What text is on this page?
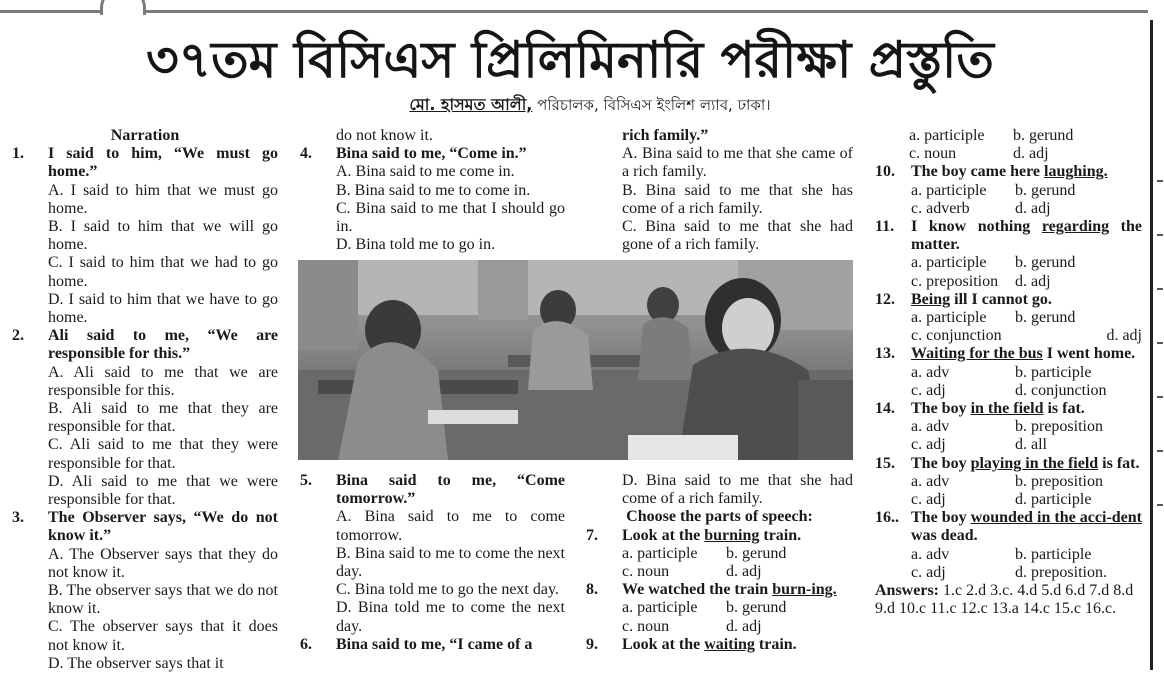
৩৭তম বিসিএস প্রিলিমিনারি পরীক্ষা প্রস্তুতি
মো. হাসমত আলী, পরিচালক, বিসিএস ইংলিশ ল্যাব, ঢাকা।

Narration

1.	I said to him, “We must go home.”
A. I said to him that we must go home.
B. I said to him that we will go home.
C. I said to him that we had to go home.
D. I said to him that we have to go home.
2.	Ali said to me, “We are responsible for this.”
A. Ali said to me that we are responsible for this.
B. Ali said to me that they are responsible for that.
C. Ali said to me that they were responsible for that.
D. Ali said to me that we were responsible for that.
3.	The Observer says, “We do not know it.”
A. The Observer says that they do not know it.
B. The observer says that we do not know it.
C. The observer says that it does not know it.
D. The observer says that it
do not know it.
4.	Bina said to me, “Come in.”
A. Bina said to me come in.
B. Bina said to me to come in.
C. Bina said to me that I should go in.
D. Bina told me to go in.
rich family.”
A. Bina said to me that she came of a rich family.
B. Bina said to me that she has come of a rich family.
C. Bina said to me that she had gone of a rich family.
5.	Bina said to me, “Come tomorrow.”
A. Bina said to me to come tomorrow.
B. Bina said to me to come the next day.
C. Bina told me to go the next day.
D. Bina told me to come the next day.
6.	Bina said to me, “I came of a
D. Bina said to me that she had come of a rich family.

Choose the parts of speech:

7.	Look at the burning train.
a. participle	b. gerund
c. noun	d. adj
8.	We watched the train burn-ing.
a. participle	b. gerund
c. noun	d. adj
9.	Look at the waiting train.
a. participle	b. gerund
c. noun	d. adj
10.	The boy came here laughing.
a. participle	b. gerund
c. adverb	d. adj
11.	I know nothing regarding the matter.
a. participle	b. gerund
c. preposition	d. adj
12.	Being ill I cannot go.
a. participle	b. gerund
c. conjunction	d. adj
13.	Waiting for the bus I went home.
a. adv	b. participle
c. adj	d. conjunction
14.	The boy in the field is fat.
a. adv	b. preposition
c. adj	d. all
15.	The boy playing in the field is fat.
a. adv	b. preposition
c. adj	d. participle
16.. The boy wounded in the acci-dent was dead.
a. adv	b. participle
c. adj	d. preposition.
Answers: 1.c 2.d 3.c. 4.d 5.d 6.d 7.d 8.d 9.d 10.c 11.c 12.c 13.a 14.c 15.c 16.c.
